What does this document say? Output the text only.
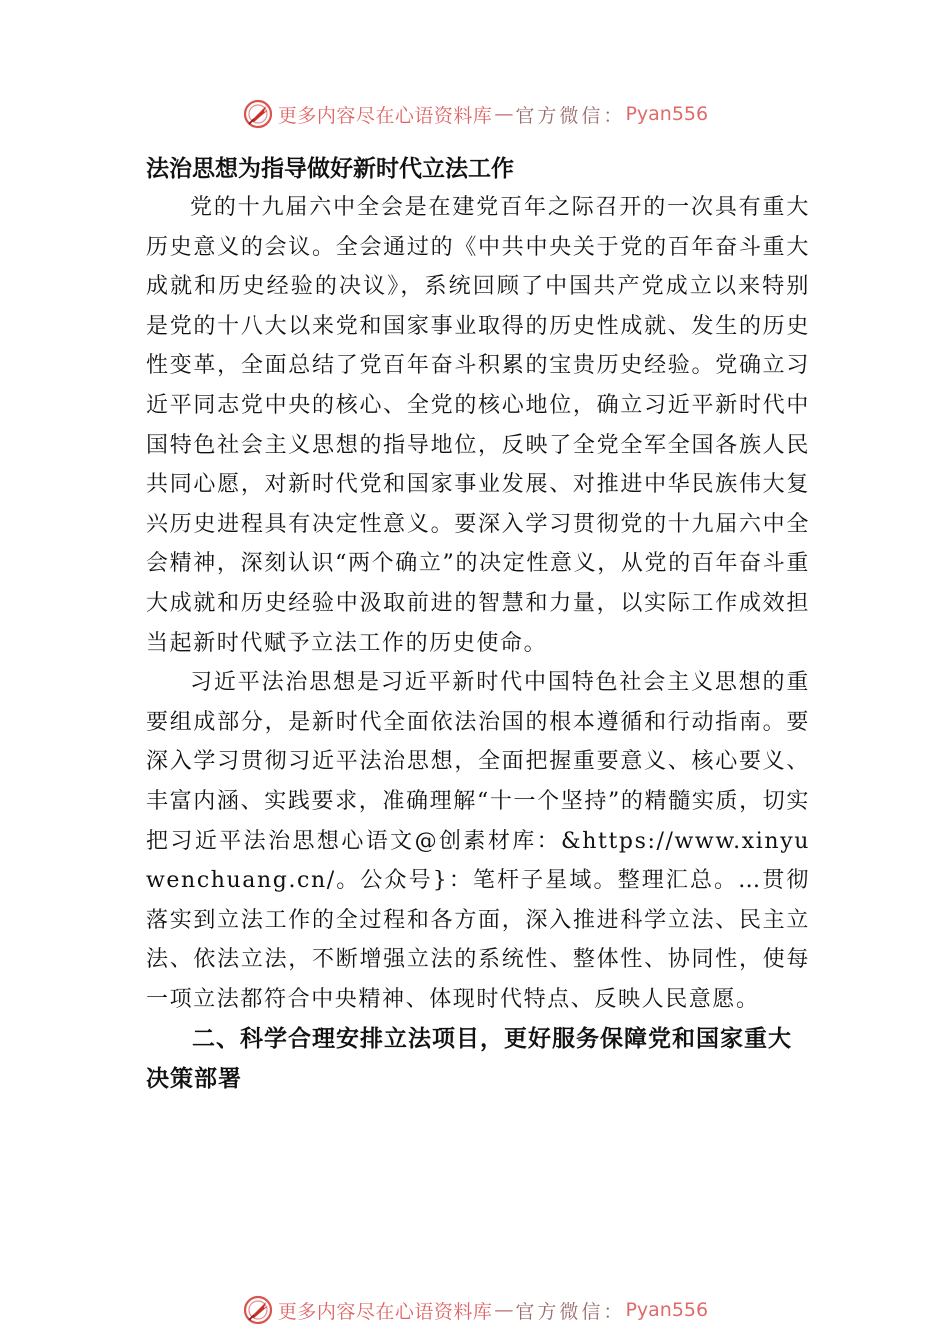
更多内容尽在心语资料库 — 官方微信： Pyan556
法治思想为指导做好新时代立法工作

党的十九届六中全会是在建党百年之际召开的一次具有重大历史意义的会议。全会通过的《中共中央关于党的百年奋斗重大成就和历史经验的决议》，系统回顾了中国共产党成立以来特别是党的十八大以来党和国家事业取得的历史性成就、发生的历史性变革，全面总结了党百年奋斗积累的宝贵历史经验。党确立习近平同志党中央的核心、全党的核心地位，确立习近平新时代中国特色社会主义思想的指导地位，反映了全党全军全国各族人民共同心愿，对新时代党和国家事业发展、对推进中华民族伟大复兴历史进程具有决定性意义。要深入学习贯彻党的十九届六中全会精神，深刻认识“两个确立”的决定性意义，从党的百年奋斗重大成就和历史经验中汲取前进的智慧和力量，以实际工作成效担当起新时代赋予立法工作的历史使命。

习近平法治思想是习近平新时代中国特色社会主义思想的重要组成部分，是新时代全面依法治国的根本遵循和行动指南。要深入学习贯彻习近平法治思想，全面把握重要意义、核心要义、丰富内涵、实践要求，准确理解“十一个坚持”的精髓实质，切实把习近平法治思想心语文@创素材库：&https://www.xinyuwenchuang.cn/。公众号}：笔杆子星域。整理汇总。…贯彻落实到立法工作的全过程和各方面，深入推进科学立法、民主立法、依法立法，不断增强立法的系统性、整体性、协同性，使每一项立法都符合中央精神、体现时代特点、反映人民意愿。

二、科学合理安排立法项目，更好服务保障党和国家重大决策部署
更多内容尽在心语资料库 — 官方微信： Pyan556
